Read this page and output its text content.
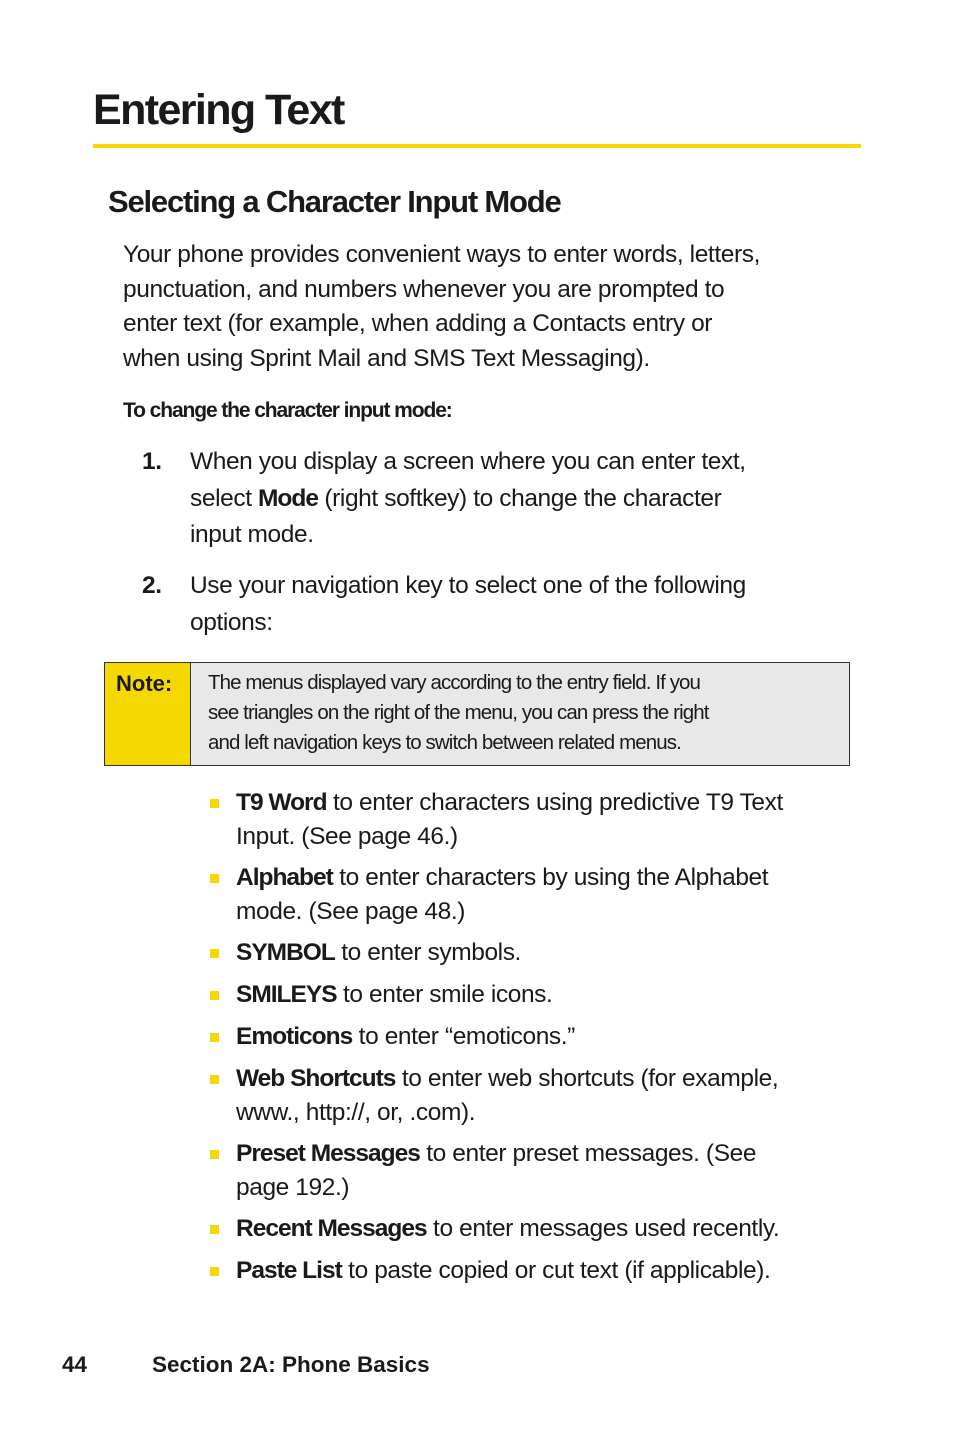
Entering Text
Selecting a Character Input Mode

Your phone provides convenient ways to enter words, letters,
punctuation, and numbers whenever you are prompted to
enter text (for example, when adding a Contacts entry or
when using Sprint Mail and SMS Text Messaging).

To change the character input mode:

1. When you display a screen where you can enter text,
select Mode (right softkey) to change the character
input mode.
2. Use your navigation key to select one of the following
options:
Note: The menus displayed vary according to the entry field. If you
see triangles on the right of the menu, you can press the right
and left navigation keys to switch between related menus.
T9 Word to enter characters using predictive T9 Text
Input. (See page 46.)
Alphabet to enter characters by using the Alphabet
mode. (See page 48.)
SYMBOL to enter symbols.
SMILEYS to enter smile icons.
Emoticons to enter “emoticons.”
Web Shortcuts to enter web shortcuts (for example,
www., http://, or, .com).
Preset Messages to enter preset messages. (See
page 192.)
Recent Messages to enter messages used recently.
Paste List to paste copied or cut text (if applicable).
44	Section 2A: Phone Basics
